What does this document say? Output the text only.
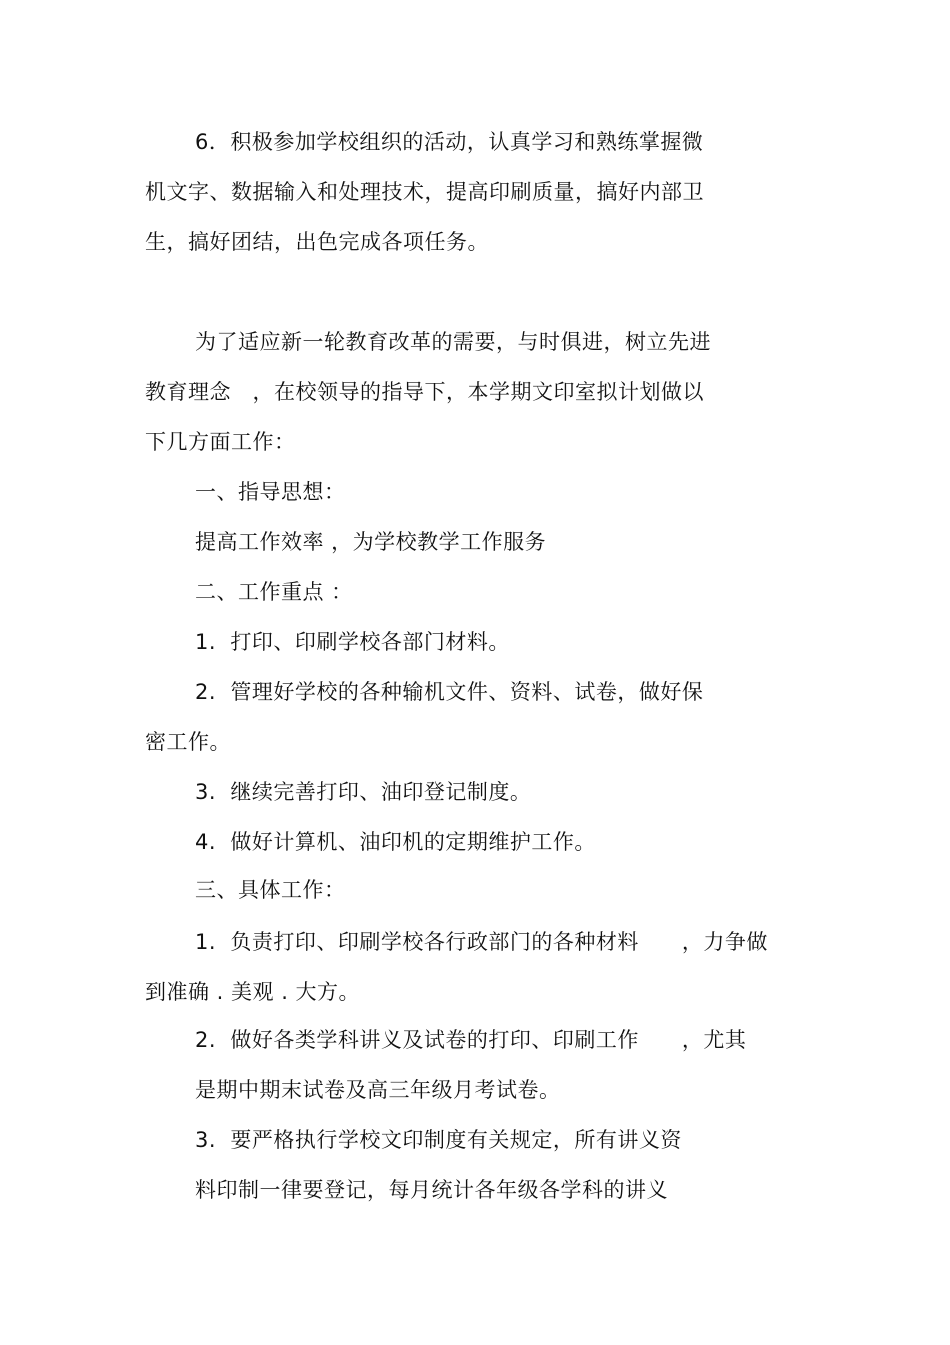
6．积极参加学校组织的活动，认真学习和熟练掌握微
机文字、数据输入和处理技术，提高印刷质量，搞好内部卫
生，搞好团结，出色完成各项任务。
为了适应新一轮教育改革的需要，与时俱进，树立先进
教育理念　，在校领导的指导下，本学期文印室拟计划做以
下几方面工作：
一、指导思想：
提高工作效率 ，为学校教学工作服务
二、工作重点 ：
1.  打印、印刷学校各部门材料。
2.  管理好学校的各种输机文件、资料、试卷，做好保
密工作。
3.  继续完善打印、油印登记制度。
4.  做好计算机、油印机的定期维护工作。
三、具体工作：
1.  负责打印、印刷学校各行政部门的各种材料　　，力争做
到准确 . 美观 . 大方。
2.  做好各类学科讲义及试卷的打印、印刷工作　　，尤其
是期中期末试卷及高三年级月考试卷。
3.  要严格执行学校文印制度有关规定，所有讲义资
料印制一律要登记，每月统计各年级各学科的讲义
